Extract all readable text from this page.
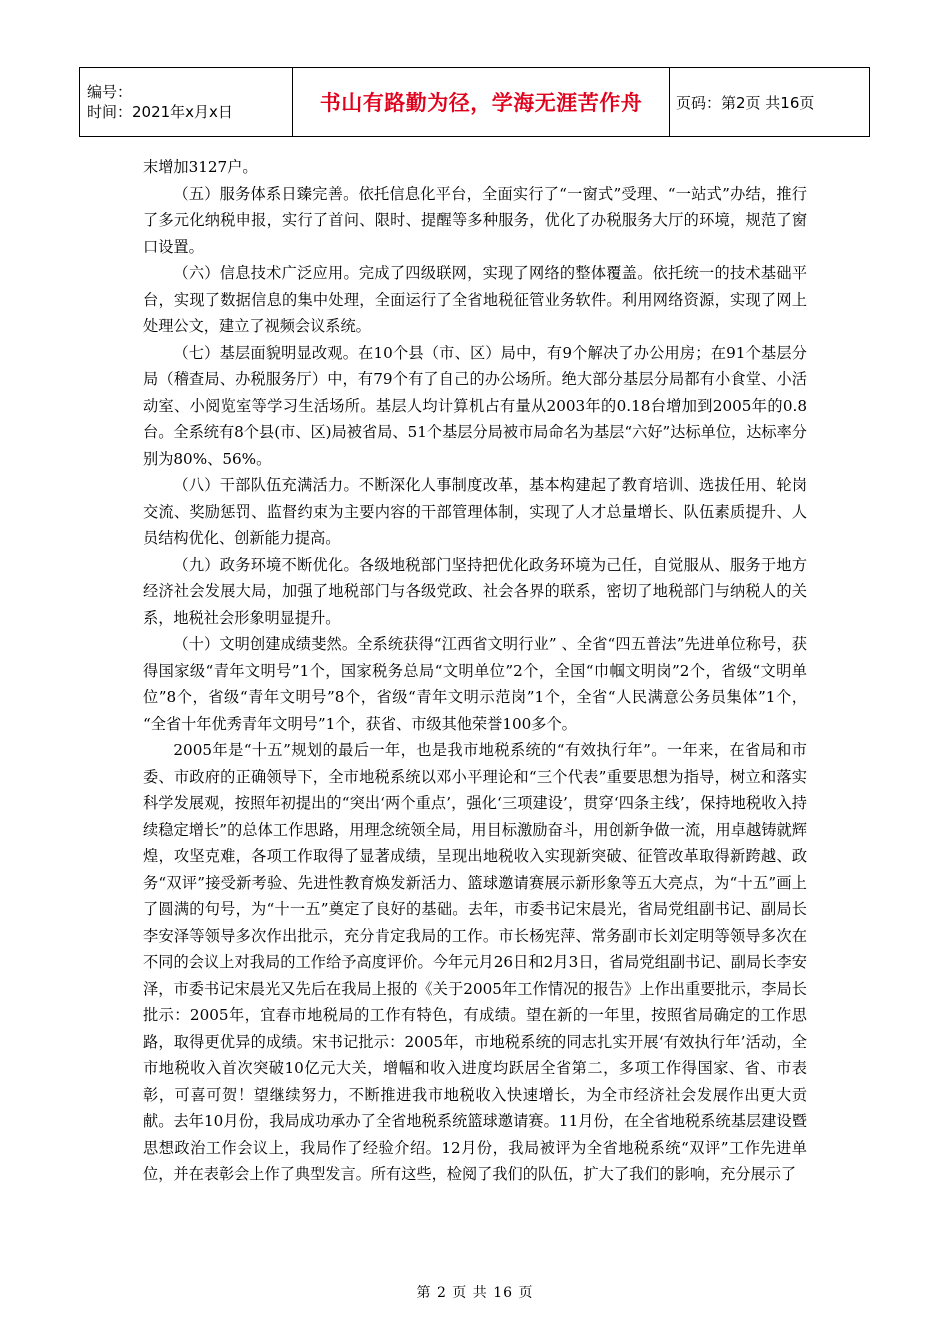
编号：
时间：2021年x月x日	书山有路勤为径，学海无涯苦作舟	页码：第2页 共16页

末增加3127户。

（五）服务体系日臻完善。依托信息化平台，全面实行了“一窗式”受理、“一站式”办结，推行了多元化纳税申报，实行了首问、限时、提醒等多种服务，优化了办税服务大厅的环境，规范了窗口设置。

（六）信息技术广泛应用。完成了四级联网，实现了网络的整体覆盖。依托统一的技术基础平台，实现了数据信息的集中处理，全面运行了全省地税征管业务软件。利用网络资源，实现了网上处理公文，建立了视频会议系统。

（七）基层面貌明显改观。在10个县（市、区）局中，有9个解决了办公用房；在91个基层分局（稽查局、办税服务厅）中，有79个有了自己的办公场所。绝大部分基层分局都有小食堂、小活动室、小阅览室等学习生活场所。基层人均计算机占有量从2003年的0.18台增加到2005年的0.8台。全系统有8个县(市、区)局被省局、51个基层分局被市局命名为基层“六好”达标单位，达标率分别为80%、56%。

（八）干部队伍充满活力。不断深化人事制度改革，基本构建起了教育培训、选拔任用、轮岗交流、奖励惩罚、监督约束为主要内容的干部管理体制，实现了人才总量增长、队伍素质提升、人员结构优化、创新能力提高。

（九）政务环境不断优化。各级地税部门坚持把优化政务环境为己任，自觉服从、服务于地方经济社会发展大局，加强了地税部门与各级党政、社会各界的联系，密切了地税部门与纳税人的关系，地税社会形象明显提升。

（十）文明创建成绩斐然。全系统获得“江西省文明行业” 、全省“四五普法”先进单位称号，获得国家级“青年文明号”1个，国家税务总局“文明单位”2个，全国“巾帼文明岗”2个，省级“文明单位”8个，省级“青年文明号”8个，省级“青年文明示范岗”1个，全省“人民满意公务员集体”1个， “全省十年优秀青年文明号”1个，获省、市级其他荣誉100多个。

2005年是“十五”规划的最后一年，也是我市地税系统的“有效执行年”。一年来，在省局和市委、市政府的正确领导下，全市地税系统以邓小平理论和“三个代表”重要思想为指导，树立和落实科学发展观，按照年初提出的“突出‘两个重点’，强化‘三项建设’，贯穿‘四条主线’，保持地税收入持续稳定增长”的总体工作思路，用理念统领全局，用目标激励奋斗，用创新争做一流，用卓越铸就辉煌，攻坚克难，各项工作取得了显著成绩，呈现出地税收入实现新突破、征管改革取得新跨越、政务“双评”接受新考验、先进性教育焕发新活力、篮球邀请赛展示新形象等五大亮点，为“十五”画上了圆满的句号，为“十一五”奠定了良好的基础。去年，市委书记宋晨光，省局党组副书记、副局长李安泽等领导多次作出批示，充分肯定我局的工作。市长杨宪萍、常务副市长刘定明等领导多次在不同的会议上对我局的工作给予高度评价。今年元月26日和2月3日，省局党组副书记、副局长李安泽，市委书记宋晨光又先后在我局上报的《关于2005年工作情况的报告》上作出重要批示，李局长批示：2005年，宜春市地税局的工作有特色，有成绩。望在新的一年里，按照省局确定的工作思路，取得更优异的成绩。宋书记批示：2005年，市地税系统的同志扎实开展‘有效执行年’活动，全市地税收入首次突破10亿元大关，增幅和收入进度均跃居全省第二，多项工作得国家、省、市表彰，可喜可贺！望继续努力，不断推进我市地税收入快速增长，为全市经济社会发展作出更大贡献。去年10月份，我局成功承办了全省地税系统篮球邀请赛。11月份，在全省地税系统基层建设暨思想政治工作会议上，我局作了经验介绍。12月份，我局被评为全省地税系统“双评”工作先进单位，并在表彰会上作了典型发言。所有这些，检阅了我们的队伍，扩大了我们的影响，充分展示了

第 2 页 共 16 页
